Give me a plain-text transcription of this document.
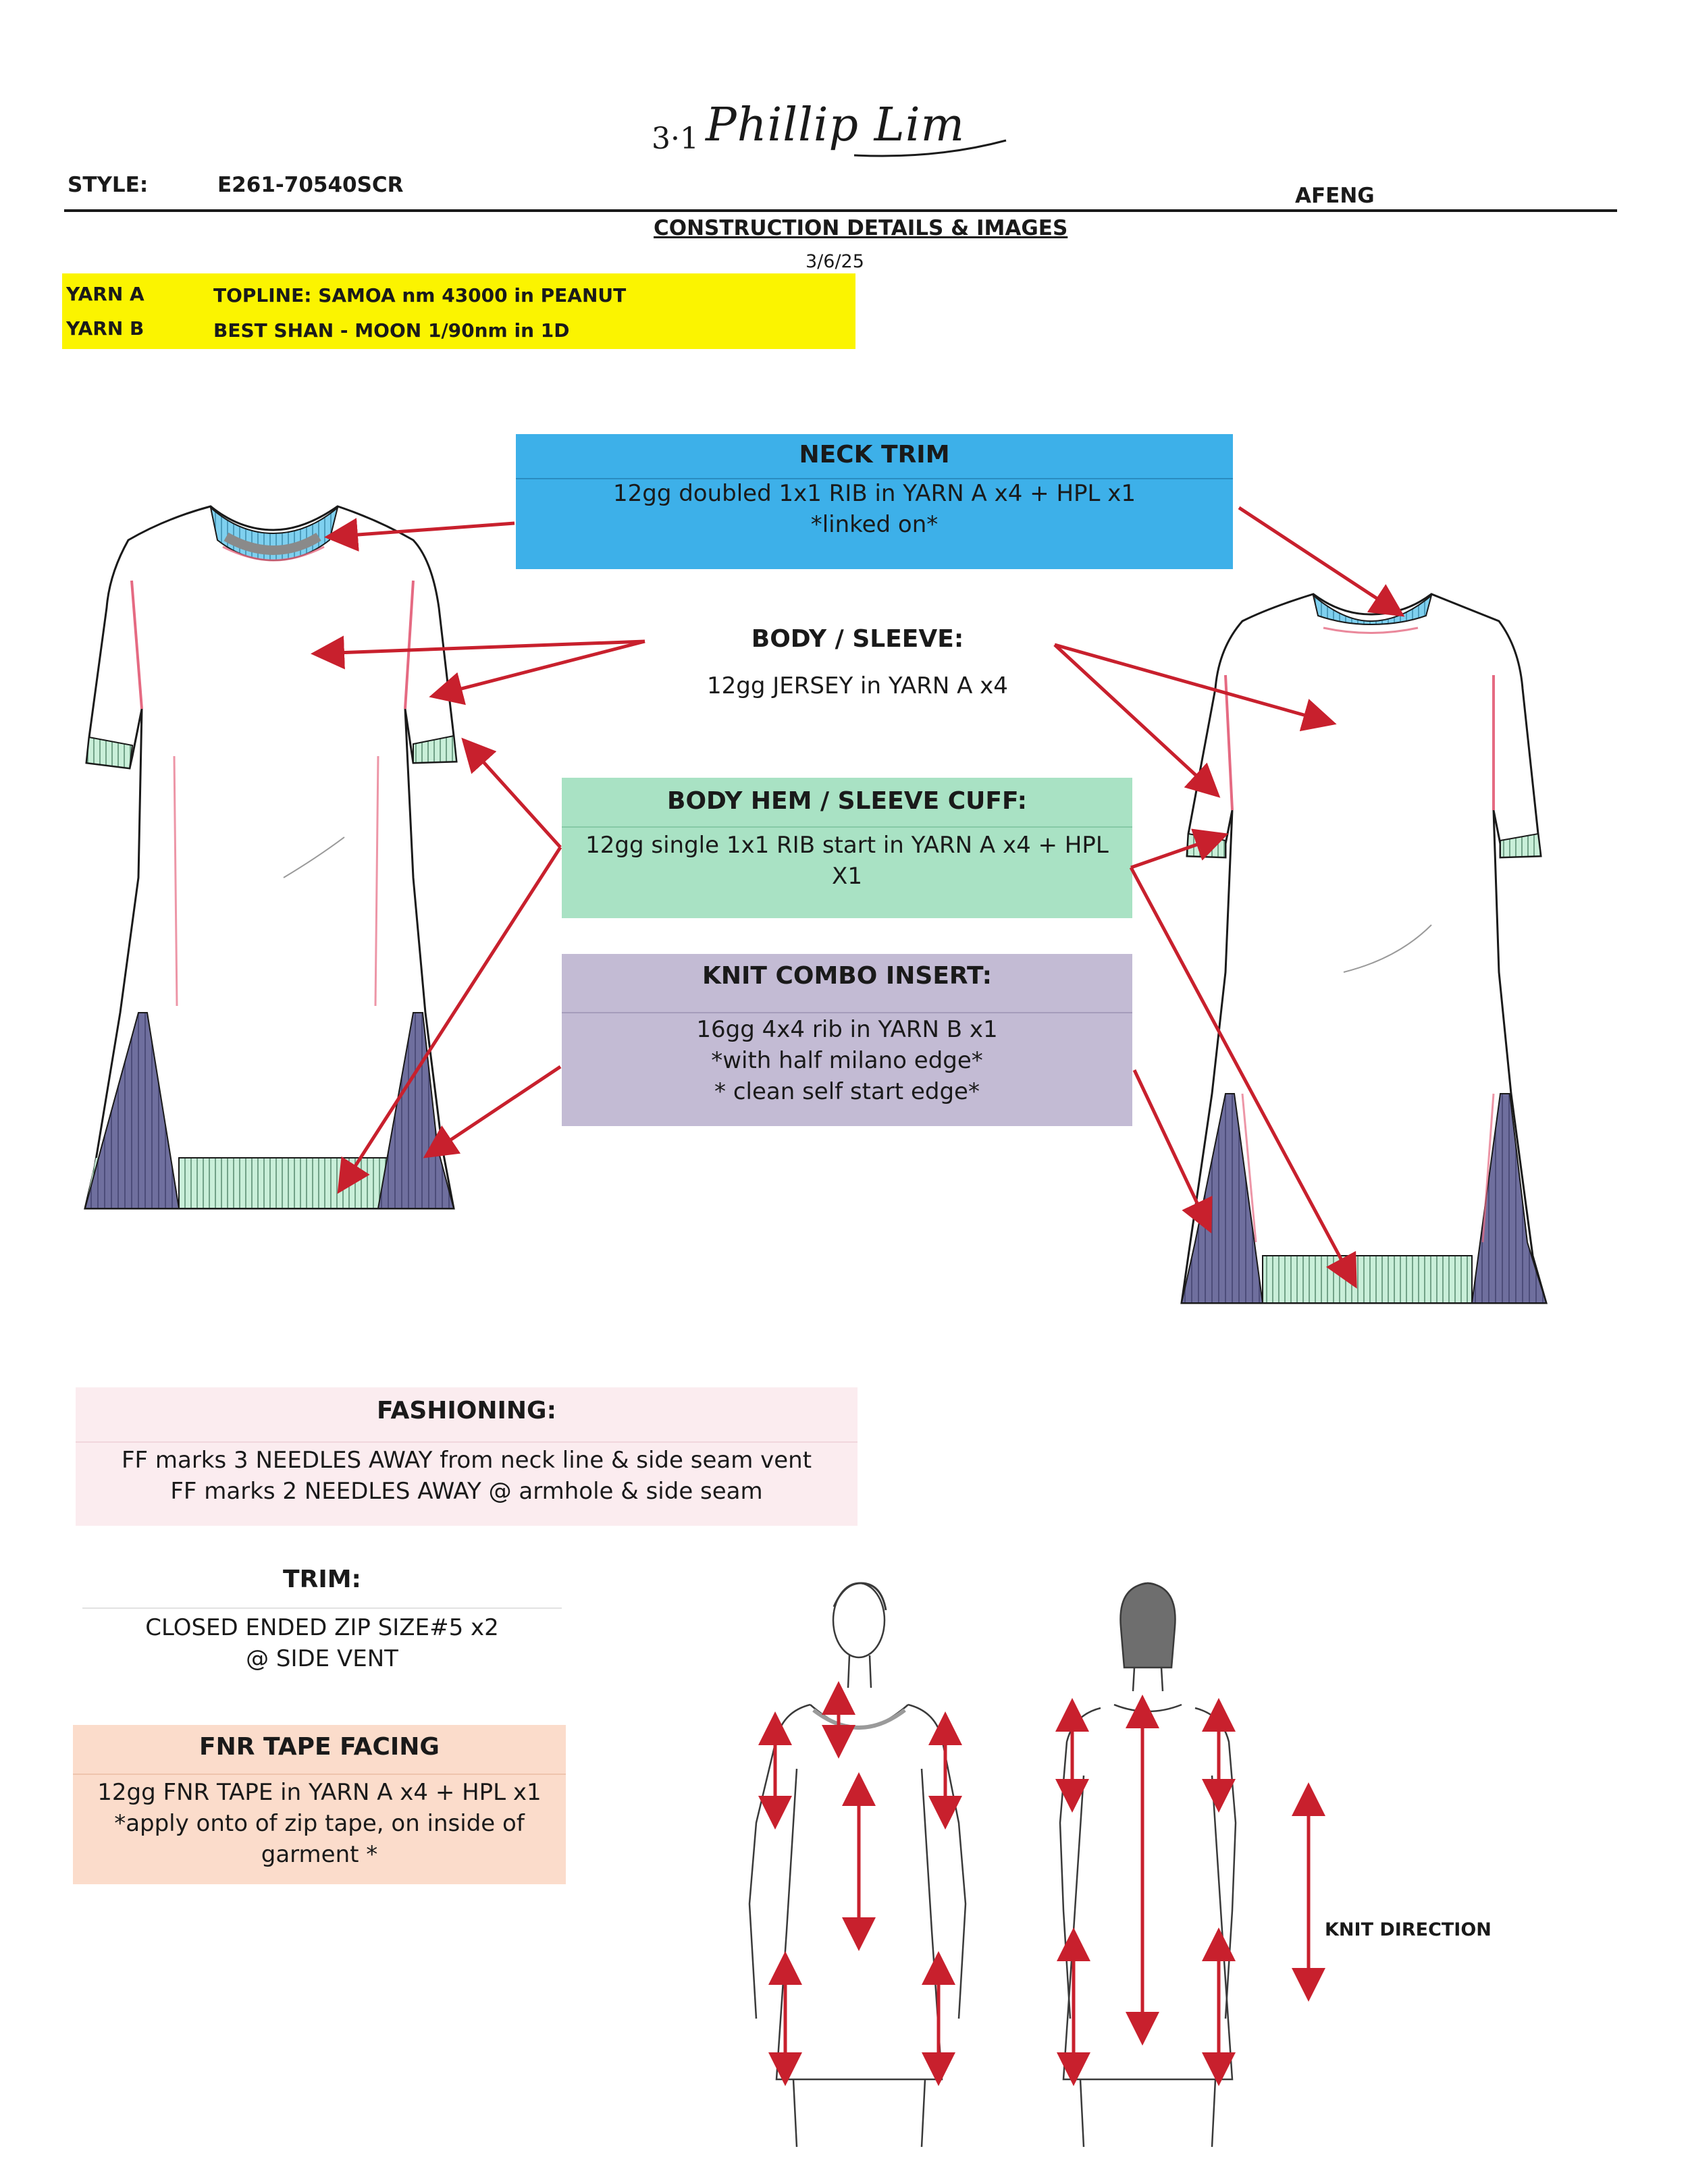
3·1 Phillip Lim
STYLE:	E261-70540SCR	AFENG
CONSTRUCTION DETAILS & IMAGES
3/6/25
YARN A	TOPLINE: SAMOA nm 43000 in PEANUT
YARN B	BEST SHAN - MOON 1/90nm in 1D
NECK TRIM
12gg doubled 1x1 RIB in YARN A x4 + HPL x1
*linked on*
BODY / SLEEVE:
12gg JERSEY in YARN A x4
BODY HEM / SLEEVE CUFF:
12gg single 1x1 RIB start in YARN A x4 + HPL
X1
KNIT COMBO INSERT:
16gg 4x4 rib in YARN B x1
*with half milano edge*
* clean self start edge*
FASHIONING:
FF marks 3 NEEDLES AWAY from neck line & side seam vent
FF marks 2 NEEDLES AWAY @ armhole & side seam
TRIM:
CLOSED ENDED ZIP SIZE#5 x2
@ SIDE VENT
FNR TAPE FACING
12gg FNR TAPE in YARN A x4 + HPL x1
*apply onto of zip tape, on inside of
garment *
KNIT DIRECTION
